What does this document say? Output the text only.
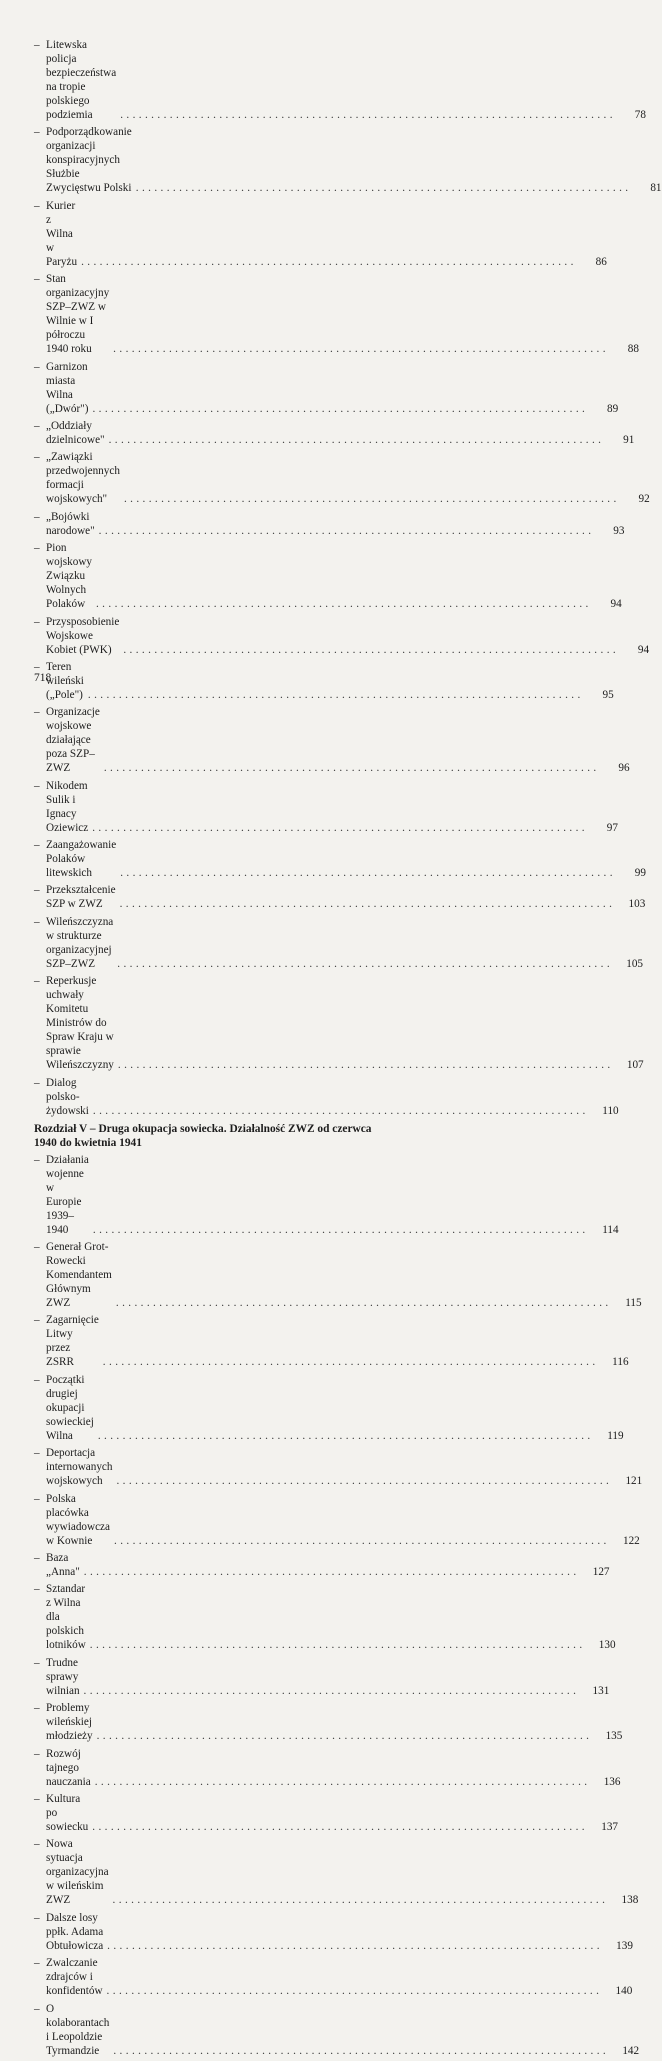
– Litewska policja bezpieczeństwa na tropie polskiego podziemia	................................................................................	78
– Podporządkowanie organizacji konspiracyjnych Służbie Zwycięstwu Polski ................................................................................	81
– Kurier z Wilna w Paryżu ................................................................................	86
– Stan organizacyjny SZP–ZWZ w Wilnie w I półroczu 1940 roku	................................................................................	88
– Garnizon miasta Wilna („Dwór") ................................................................................	89
– „Oddziały dzielnicowe" ................................................................................	91
– „Zawiązki przedwojennych formacji wojskowych"	................................................................................	92
– „Bojówki narodowe" ................................................................................	93
– Pion wojskowy Związku Wolnych Polaków ................................................................................	94
– Przysposobienie Wojskowe Kobiet (PWK)	................................................................................	94
– Teren wileński („Pole") ................................................................................	95
– Organizacje wojskowe działające poza SZP–ZWZ	................................................................................	96
– Nikodem Sulik i Ignacy Oziewicz ................................................................................	97
– Zaangażowanie Polaków litewskich	................................................................................	99
– Przekształcenie SZP w ZWZ	................................................................................	103
– Wileńszczyzna w strukturze organizacyjnej SZP–ZWZ	................................................................................	105
– Reperkusje uchwały Komitetu Ministrów do Spraw Kraju w sprawie Wileńszczyzny ................................................................................	107
– Dialog polsko-żydowski ................................................................................	110
Rozdział V – Druga okupacja sowiecka. Działalność ZWZ od czerwca
1940 do kwietnia 1941
– Działania wojenne w Europie 1939–1940	................................................................................	114
– Generał Grot-Rowecki Komendantem Głównym ZWZ	................................................................................	115
– Zagarnięcie Litwy przez ZSRR	................................................................................	116
– Początki drugiej okupacji sowieckiej Wilna	................................................................................	119
– Deportacja internowanych wojskowych	................................................................................	121
– Polska placówka wywiadowcza w Kownie	................................................................................	122
– Baza „Anna" ................................................................................	127
– Sztandar z Wilna dla polskich lotników ................................................................................	130
– Trudne sprawy wilnian ................................................................................	131
– Problemy wileńskiej młodzieży ................................................................................	135
– Rozwój tajnego nauczania ................................................................................	136
– Kultura po sowiecku ................................................................................	137
– Nowa sytuacja organizacyjna w wileńskim ZWZ	................................................................................	138
– Dalsze losy ppłk. Adama Obtułowicza ................................................................................	139
– Zwalczanie zdrajców i konfidentów ................................................................................	140
– O kolaborantach i Leopoldzie Tyrmandzie	................................................................................	142
718
